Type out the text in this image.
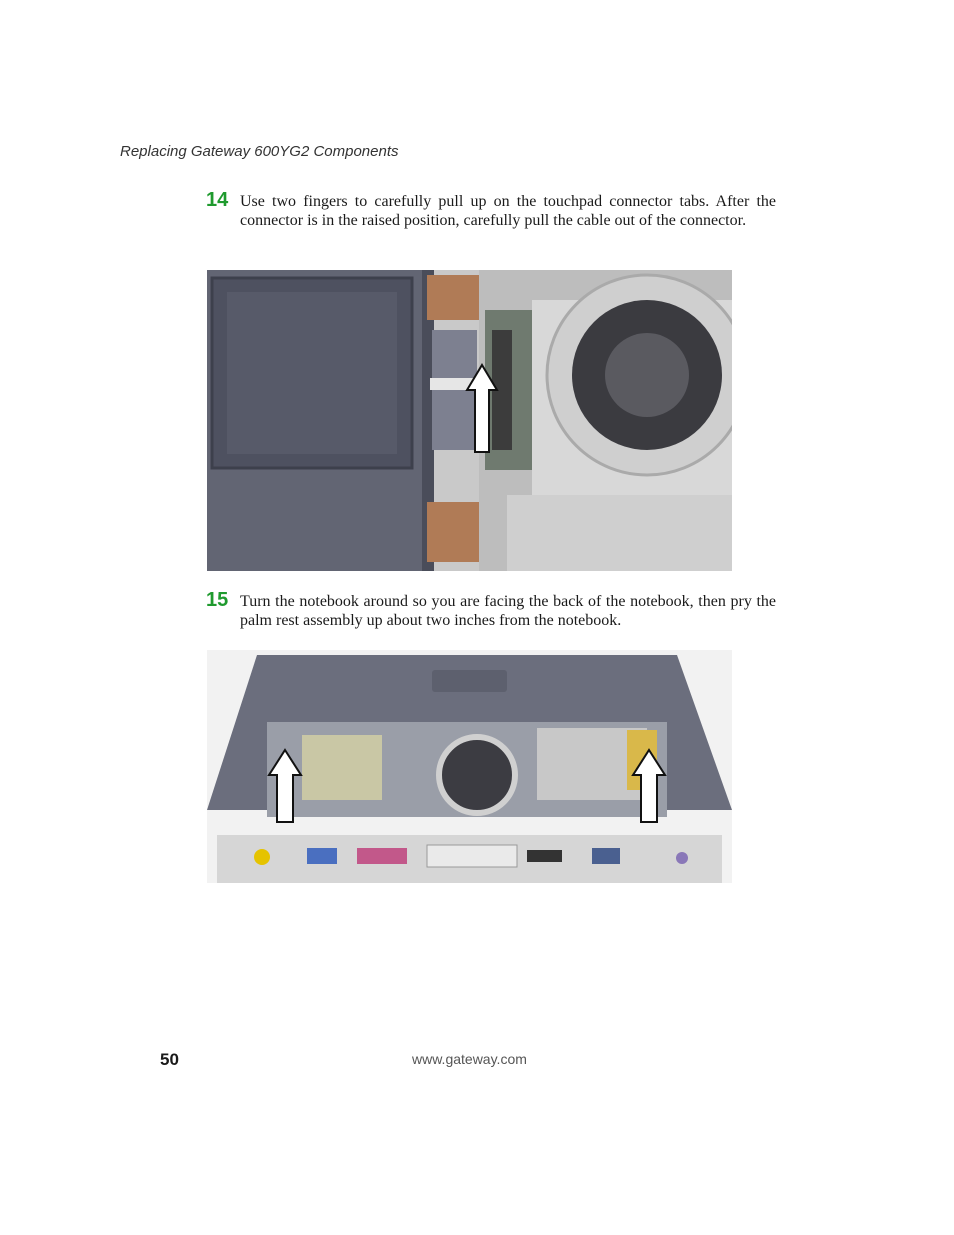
Replacing Gateway 600YG2 Components
14 Use two fingers to carefully pull up on the touchpad connector tabs. After the connector is in the raised position, carefully pull the cable out of the connector.
15 Turn the notebook around so you are facing the back of the notebook, then pry the palm rest assembly up about two inches from the notebook.
50	www.gateway.com
